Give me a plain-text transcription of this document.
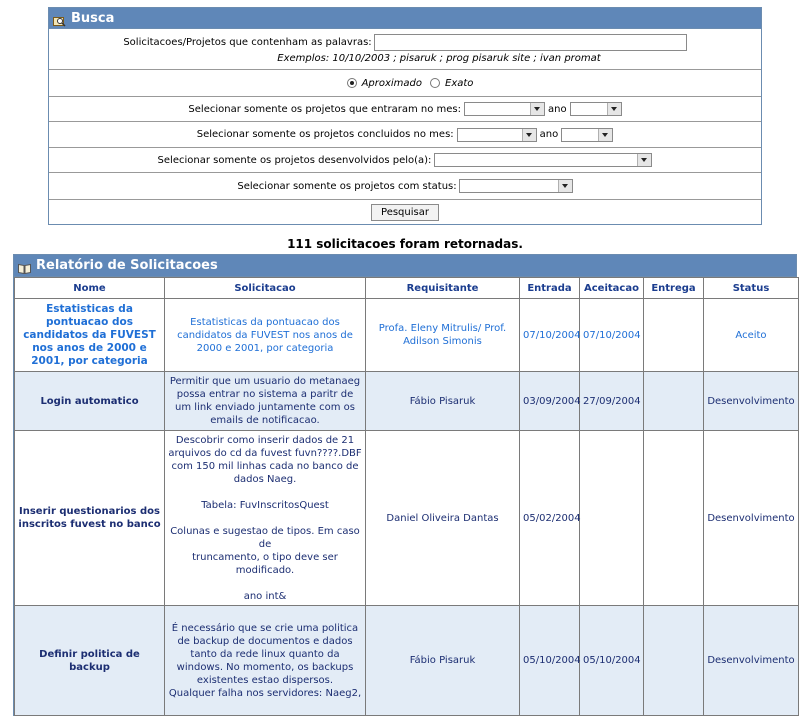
Busca
Solicitacoes/Projetos que contenham as palavras:
Exemplos: 10/10/2003 ; pisaruk ; prog pisaruk site ; ivan promat
Aproximado Exato
Selecionar somente os projetos que entraram no mes:	ano
Selecionar somente os projetos concluidos no mes:	ano
Selecionar somente os projetos desenvolvidos pelo(a):
Selecionar somente os projetos com status:
Pesquisar
111 solicitacoes foram retornadas.
Relatório de Solicitacoes
Nome	Solicitacao	Requisitante	Entrada	Aceitacao	Entrega	Status
Estatisticas da pontuacao dos candidatos da FUVEST nos anos de 2000 e 2001, por categoria	Estatisticas da pontuacao dos candidatos da FUVEST nos anos de 2000 e 2001, por categoria	Profa. Eleny Mitrulis/ Prof. Adilson Simonis	07/10/2004	07/10/2004		Aceito
Login automatico	Permitir que um usuario do metanaeg possa entrar no sistema a paritr de um link enviado juntamente com os emails de notificacao.	Fábio Pisaruk	03/09/2004	27/09/2004		Desenvolvimento
Inserir questionarios dos inscritos fuvest no banco	Descobrir como inserir dados de 21 arquivos do cd da fuvest fuvn????.DBF com 150 mil linhas cada no banco de dados Naeg.

Tabela: FuvInscritosQuest

Colunas e sugestao de tipos. Em caso de
truncamento, o tipo deve ser modificado.

ano int&	Daniel Oliveira Dantas	05/02/2004			Desenvolvimento
Definir politica de backup	É necessário que se crie uma politica de backup de documentos e dados tanto da rede linux quanto da windows. No momento, os backups existentes estao dispersos.
Qualquer falha nos servidores: Naeg2,	Fábio Pisaruk	05/10/2004	05/10/2004		Desenvolvimento
